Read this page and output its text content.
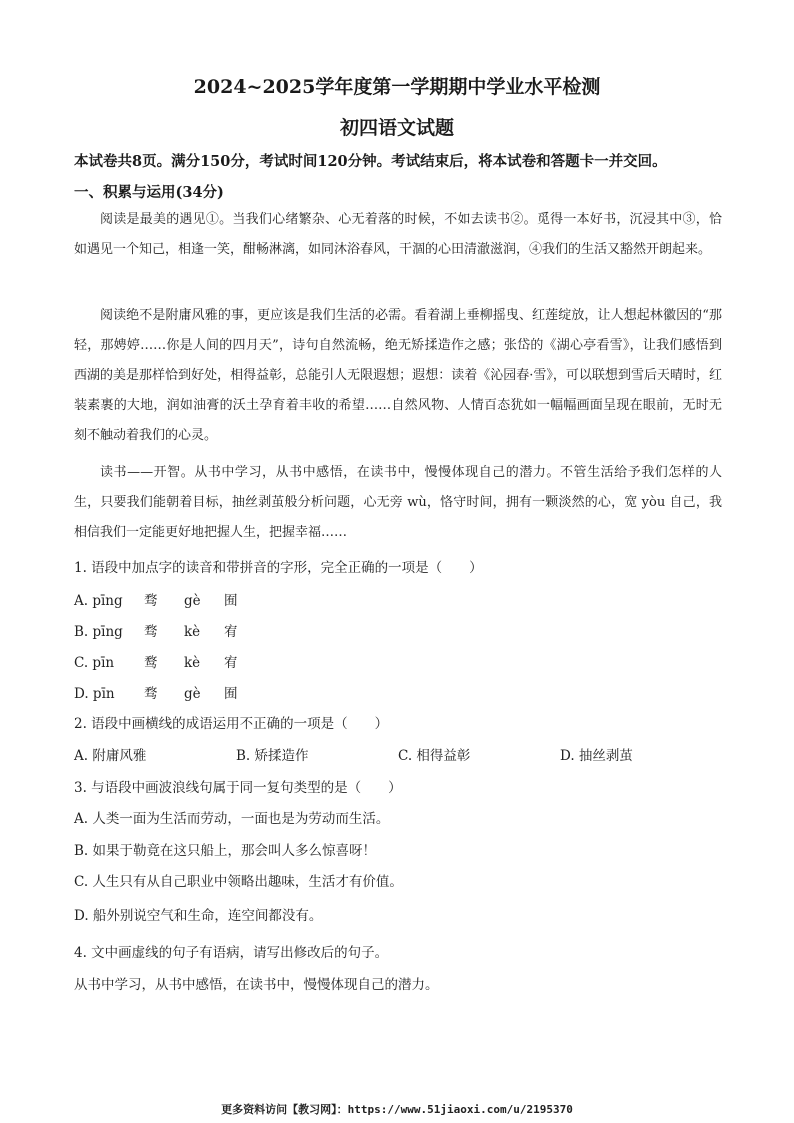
2024~2025学年度第一学期期中学业水平检测
初四语文试题
本试卷共8页。满分150分，考试时间120分钟。考试结束后，将本试卷和答题卡一并交回。
一、积累与运用(34分)
阅读是最美的遇见①。当我们心绪繁杂、心无着落的时候，不如去读书②。觅得一本好书，沉浸其中③，恰如遇见一个知己，相逢一笑，酣畅淋漓，如同沐浴春风，干涸的心田清澈滋润，④我们的生活又豁然开朗起来。
阅读绝不是附庸风雅的事，更应该是我们生活的必需。看着湖上垂柳摇曳、红莲绽放，让人想起林徽因的“那轻，那娉婷……你是人间的四月天”，诗句自然流畅，绝无矫揉造作之感；张岱的《湖心亭看雪》，让我们感悟到西湖的美是那样恰到好处，相得益彰，总能引人无限遐想；遐想：读着《沁园春·雪》，可以联想到雪后天晴时，红装素裹的大地，润如油膏的沃土孕育着丰收的希望……自然风物、人情百态犹如一幅幅画面呈现在眼前，无时无刻不触动着我们的心灵。
读书——开智。从书中学习，从书中感悟，在读书中，慢慢体现自己的潜力。不管生活给予我们怎样的人生，只要我们能朝着目标，抽丝剥茧般分析问题，心无旁 wù，恪守时间，拥有一颗淡然的心，宽 yòu 自己，我相信我们一定能更好地把握人生，把握幸福……
1. 语段中加点字的读音和带拼音的字形，完全正确的一项是（　　）
A. pīng 骛 gè 囿
B. pīng 骛 kè 宥
C. pīn 鹜 kè 宥
D. pīn 骛 gè 囿
2. 语段中画横线的成语运用不正确的一项是（　　）
A. 附庸风雅	B. 矫揉造作	C. 相得益彰	D. 抽丝剥茧
3. 与语段中画波浪线句属于同一复句类型的是（　　）
A. 人类一面为生活而劳动，一面也是为劳动而生活。
B. 如果于勒竟在这只船上，那会叫人多么惊喜呀！
C. 人生只有从自己职业中领略出趣味，生活才有价值。
D. 船外别说空气和生命，连空间都没有。
4. 文中画虚线的句子有语病，请写出修改后的句子。
从书中学习，从书中感悟，在读书中，慢慢体现自己的潜力。
更多资料访问【教习网】：https://www.51jiaoxi.com/u/2195370
